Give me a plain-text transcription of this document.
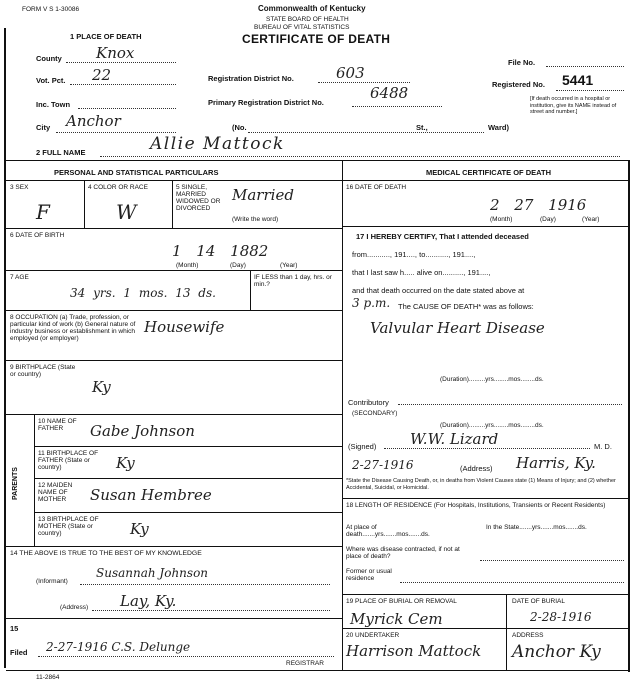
FORM V S 1-30086	Commonwealth of Kentucky
STATE BOARD OF HEALTH
BUREAU OF VITAL STATISTICS
CERTIFICATE OF DEATH
1 PLACE OF DEATH
County Knox
Vot. Pct. 22
Inc. Town
City Anchor	(No.	St.,	Ward)
Registration District No.	603
Primary Registration District No.
6488
File No.
Registered No. 5441
[If death occurred in a hospital or institution, give its NAME instead of street and number.]
2 FULL NAME	Allie Mattock
PERSONAL AND STATISTICAL PARTICULARS	MEDICAL CERTIFICATE OF DEATH
3 SEX
F
4 COLOR OR RACE
W
5 SINGLE, MARRIED WIDOWED OR DIVORCED
(Write the word)
Married
6 DATE OF BIRTH
1 14 1882
(Month)	(Day)	(Year)
7 AGE
34 yrs. 1 mos. 13 ds.
IF LESS than 1 day, hrs. or min.?
8 OCCUPATION (a) Trade, profession, or particular kind of work (b) General nature of industry business or establishment in which employed (or employer)
Housewife
9 BIRTHPLACE (State or country)
Ky
PARENTS
10 NAME OF FATHER	Gabe Johnson
11 BIRTHPLACE OF FATHER (State or country)	Ky
12 MAIDEN NAME OF MOTHER	Susan Hembree
13 BIRTHPLACE OF MOTHER (State or country)	Ky
14 THE ABOVE IS TRUE TO THE BEST OF MY KNOWLEDGE
(Informant)
Susannah Johnson
(Address) Lay, Ky.
15
Filed 2-27-1916 C.S. Delunge
REGISTRAR
16 DATE OF DEATH
2 27 1916
(Month)	(Day)	(Year)
17 I HEREBY CERTIFY, That I attended deceased
from..........., 191...., to..........., 191....,
that I last saw h..... alive on.........., 191....,
and that death occurred on the date stated above at
3 p.m. The CAUSE OF DEATH* was as follows:
Valvular Heart Disease
(Duration).........yrs........mos........ds.
Contributory
(SECONDARY)
(Duration).........yrs........mos........ds.
(Signed) W.W. Lizard	M. D.
2-27-1916	(Address) Harris, Ky.
*State the Disease Causing Death, or, in deaths from Violent Causes state (1) Means of Injury; and (2) whether Accidental, Suicidal, or Homicidal.
18 LENGTH OF RESIDENCE (For Hospitals, Institutions, Transients or Recent Residents)
At place of death.......yrs.......mos.......ds.
In the State.......yrs.......mos.......ds.
Where was disease contracted, if not at place of death?
Former or usual residence
19 PLACE OF BURIAL OR REMOVAL
Myrick Cem
DATE OF BURIAL
2-28-1916
20 UNDERTAKER
Harrison Mattock
ADDRESS
Anchor Ky
11-2864
